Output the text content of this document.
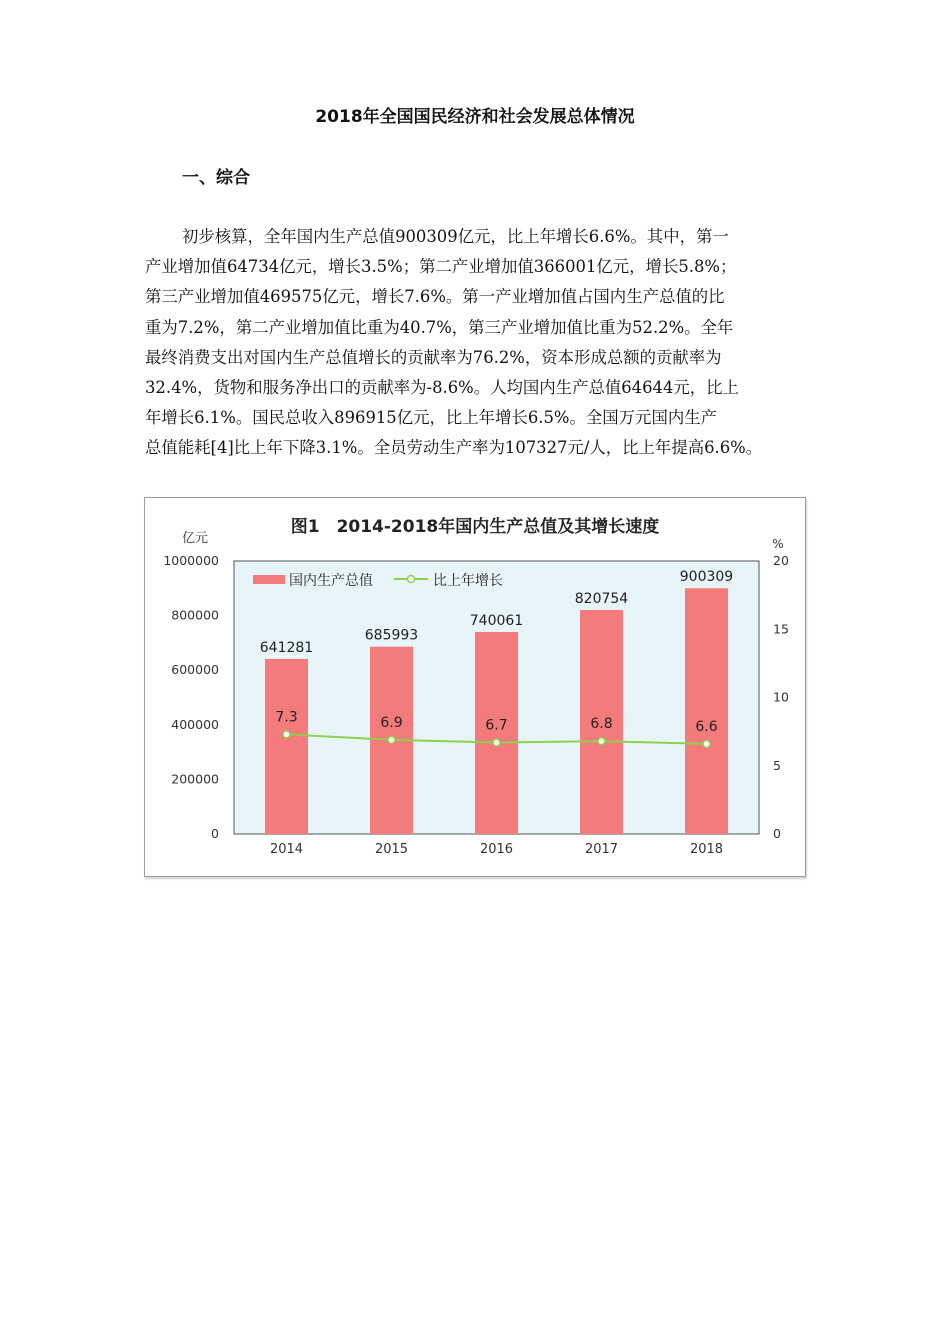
2018年全国国民经济和社会发展总体情况
一、综合

初步核算，全年国内生产总值900309亿元，比上年增长6.6%。其中，第一
产业增加值64734亿元，增长3.5%；第二产业增加值366001亿元，增长5.8%；
第三产业增加值469575亿元，增长7.6%。第一产业增加值占国内生产总值的比
重为7.2%，第二产业增加值比重为40.7%，第三产业增加值比重为52.2%。全年
最终消费支出对国内生产总值增长的贡献率为76.2%，资本形成总额的贡献率为
32.4%，货物和服务净出口的贡献率为-8.6%。人均国内生产总值64644元，比上
年增长6.1%。国民总收入896915亿元，比上年增长6.5%。全国万元国内生产
总值能耗[4]比上年下降3.1%。全员劳动生产率为107327元/人，比上年提高6.6%。

图1　2014-2018年国内生产总值及其增长速度
亿元	%
0
200000
400000
600000
800000
1000000
0
5
10
15
20
641281
685993
740061
820754
900309
7.3	6.9	6.7	6.8	6.6
2014	2015	2016	2017	2018
国内生产总值	比上年增长
